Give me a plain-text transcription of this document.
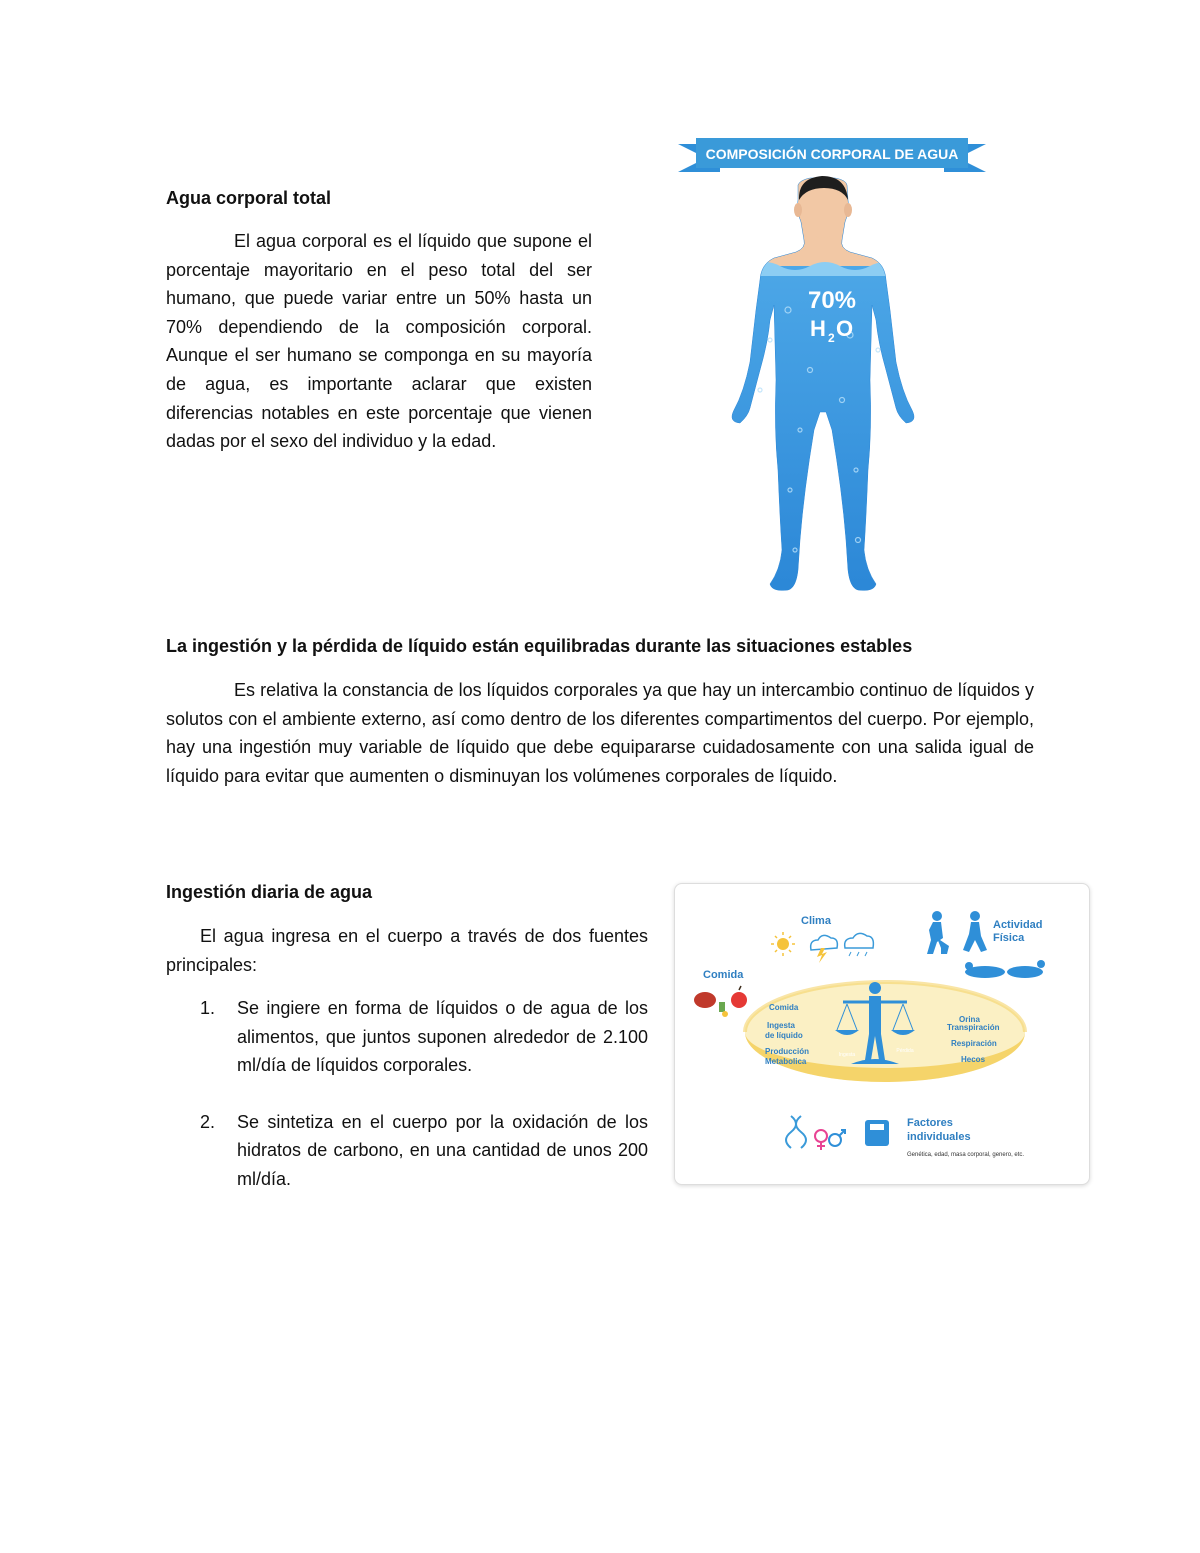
Agua corporal total

El agua corporal es el líquido que supone el porcentaje mayoritario en el peso total del ser humano, que puede variar entre un 50% hasta un 70% dependiendo de la composición corporal. Aunque el ser humano se componga en su mayoría de agua, es importante aclarar que existen diferencias notables en este porcentaje que vienen dadas por el sexo del individuo y la edad.

COMPOSICIÓN CORPORAL DE AGUA
70%
H 2 O
La ingestión y la pérdida de líquido están equilibradas durante las situaciones estables

Es relativa la constancia de los líquidos corporales ya que hay un intercambio continuo de líquidos y solutos con el ambiente externo, así como dentro de los diferentes compartimentos del cuerpo. Por ejemplo, hay una ingestión muy variable de líquido que debe equipararse cuidadosamente con una salida igual de líquido para evitar que aumenten o disminuyan los volúmenes corporales de líquido.

Ingestión diaria de agua

El agua ingresa en el cuerpo a través de dos fuentes principales:

1. Se ingiere en forma de líquidos o de agua de los alimentos, que juntos suponen alrededor de 2.100 ml/día de líquidos corporales.
2. Se sintetiza en el cuerpo por la oxidación de los hidratos de carbono, en una cantidad de unos 200 ml/día.
Clima	Actividad
Física
Comida
Comida
Ingesta
de líquido
Producción
Metabolica
Orina
Transpiración
Respiración
Hecos
Ingesta
Pérdida
Factores
individuales
Genética, edad, masa corporal, genero, etc.
